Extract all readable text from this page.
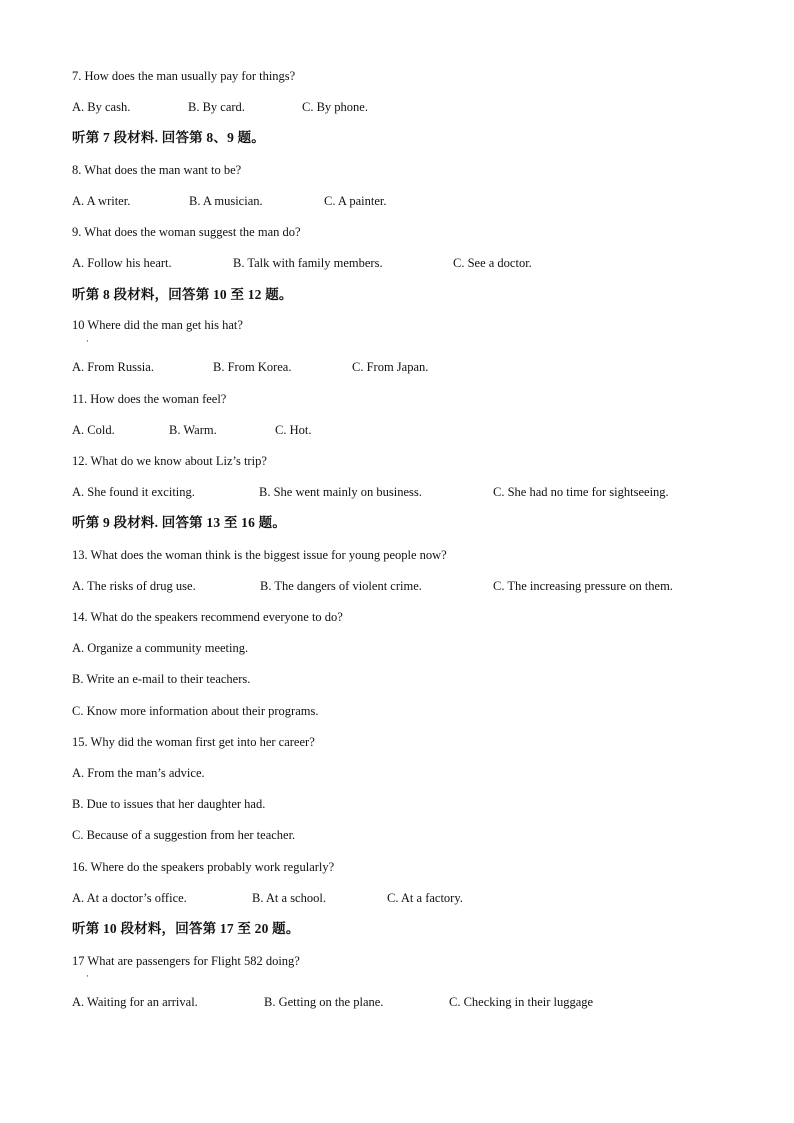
7. How does the man usually pay for things?
A. By cash.	B. By card.	C. By phone.
听第 7 段材料. 回答第 8、9 题。
8. What does the man want to be?
A. A writer.	B. A musician.	C. A painter.
9. What does the woman suggest the man do?
A. Follow his heart.	B. Talk with family members.	C. See a doctor.
听第 8 段材料，回答第 10 至 12 题。
10 Where did the man get his hat?
·
A. From Russia.	B. From Korea.	C. From Japan.
11. How does the woman feel?
A. Cold.	B. Warm.	C. Hot.
12. What do we know about Liz’s trip?
A. She found it exciting.	B. She went mainly on business.	C. She had no time for sightseeing.
听第 9 段材料. 回答第 13 至 16 题。
13. What does the woman think is the biggest issue for young people now?
A. The risks of drug use.	B. The dangers of violent crime.	C. The increasing pressure on them.
14. What do the speakers recommend everyone to do?
A. Organize a community meeting.
B. Write an e-mail to their teachers.
C. Know more information about their programs.
15. Why did the woman first get into her career?
A. From the man’s advice.
B. Due to issues that her daughter had.
C. Because of a suggestion from her teacher.
16. Where do the speakers probably work regularly?
A. At a doctor’s office.	B. At a school.	C. At a factory.
听第 10 段材料，回答第 17 至 20 题。
17 What are passengers for Flight 582 doing?
·
A. Waiting for an arrival.	B. Getting on the plane.	C. Checking in their luggage
